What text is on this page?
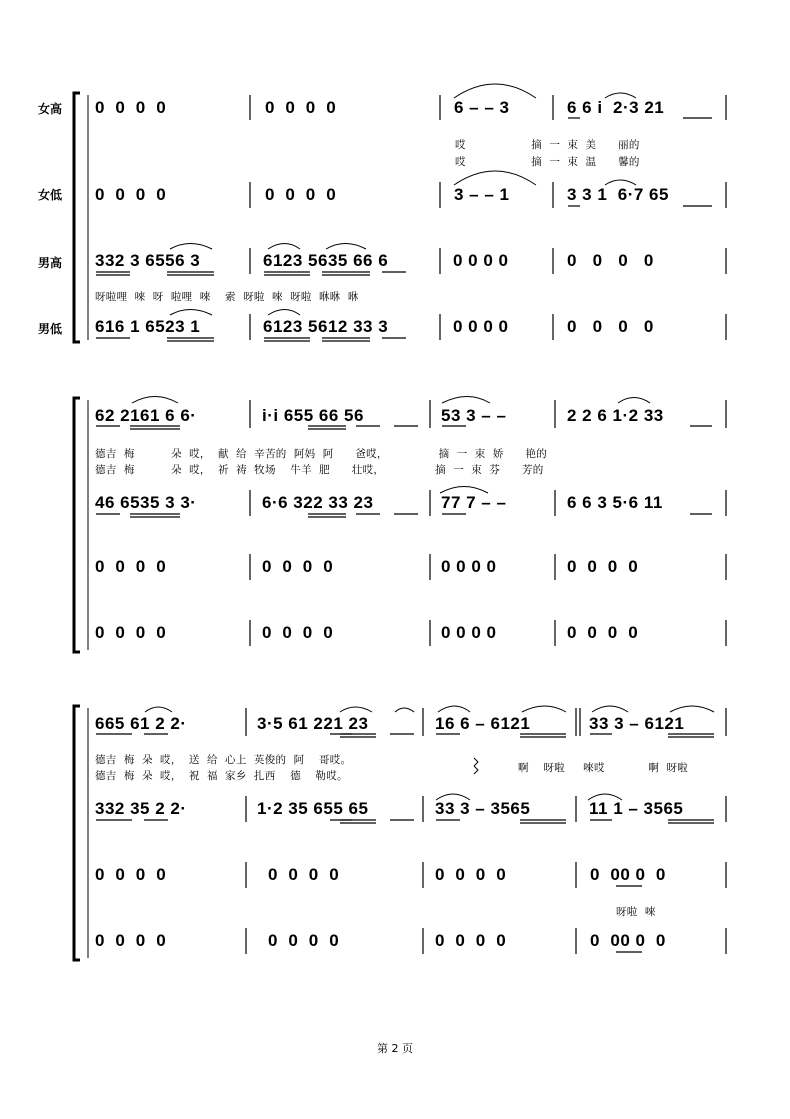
女高
女低
男高
男低
0  0  0  0	0  0  0  0	6 – – 3	6 6 i  2·3 21
哎                  摘  一  束  美      丽的
哎                  摘  一  束  温      馨的
0  0  0  0	0  0  0  0	3 – – 1	3 3 1  6·7 65
332 3 6556 3	6123 5635 66 6	0 0 0 0	0   0   0   0
呀啦哩  唻  呀  啦哩  唻    索  呀啦  唻  呀啦  咻咻  咻
616 1 6523 1	6123 5612 33 3	0 0 0 0	0   0   0   0
62 2161 6 6·	i·i 655 66 56	53 3 – –	2 2 6 1·2 33
德吉  梅          朵  哎，  献  给  辛苦的  阿妈  阿      爸哎，              摘  一  束  娇      艳的
德吉  梅          朵  哎，  祈  祷  牧场    牛羊  肥      壮哎，              摘  一  束  芬      芳的
46 6535 3 3·	6·6 322 33 23	77 7 – –	6 6 3 5·6 11
0  0  0  0	0  0  0  0	0 0 0 0	0  0  0  0
0  0  0  0	0  0  0  0	0 0 0 0	0  0  0  0
665 61 2 2·	3·5 61 221 23	16 6 – 6121	33 3 – 6121
德吉  梅  朵  哎，  送  给  心上  英俊的  阿    哥哎。
德吉  梅  朵  哎，  祝  福  家乡  扎西    德    勒哎。
啊    呀啦     唻哎            啊  呀啦
332 35 2 2·	1·2 35 655 65	33 3 – 3565	11 1 – 3565
0  0  0  0	0  0  0  0	0  0  0  0	0  00 0  0
呀啦  唻
0  0  0  0	0  0  0  0	0  0  0  0	0  00 0  0
第 2 页
